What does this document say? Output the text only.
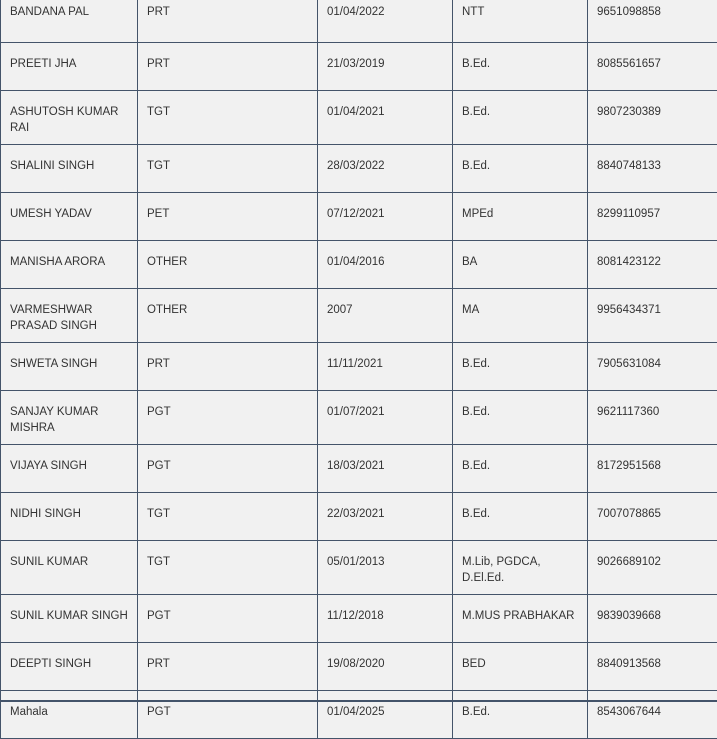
BANDANA PAL	PRT	01/04/2022	NTT	9651098858
PREETI JHA	PRT	21/03/2019	B.Ed.	8085561657
ASHUTOSH KUMAR RAI	TGT	01/04/2021	B.Ed.	9807230389
SHALINI SINGH	TGT	28/03/2022	B.Ed.	8840748133
UMESH YADAV	PET	07/12/2021	MPEd	8299110957
MANISHA ARORA	OTHER	01/04/2016	BA	8081423122
VARMESHWAR PRASAD SINGH	OTHER	2007	MA	9956434371
SHWETA SINGH	PRT	11/11/2021	B.Ed.	7905631084
SANJAY KUMAR MISHRA	PGT	01/07/2021	B.Ed.	9621117360
VIJAYA SINGH	PGT	18/03/2021	B.Ed.	8172951568
NIDHI SINGH	TGT	22/03/2021	B.Ed.	7007078865
SUNIL KUMAR	TGT	05/01/2013	M.Lib, PGDCA, D.El.Ed.	9026689102
SUNIL KUMAR SINGH	PGT	11/12/2018	M.MUS PRABHAKAR	9839039668
DEEPTI SINGH	PRT	19/08/2020	BED	8840913568
Mahala	PGT	01/04/2025	B.Ed.	8543067644
